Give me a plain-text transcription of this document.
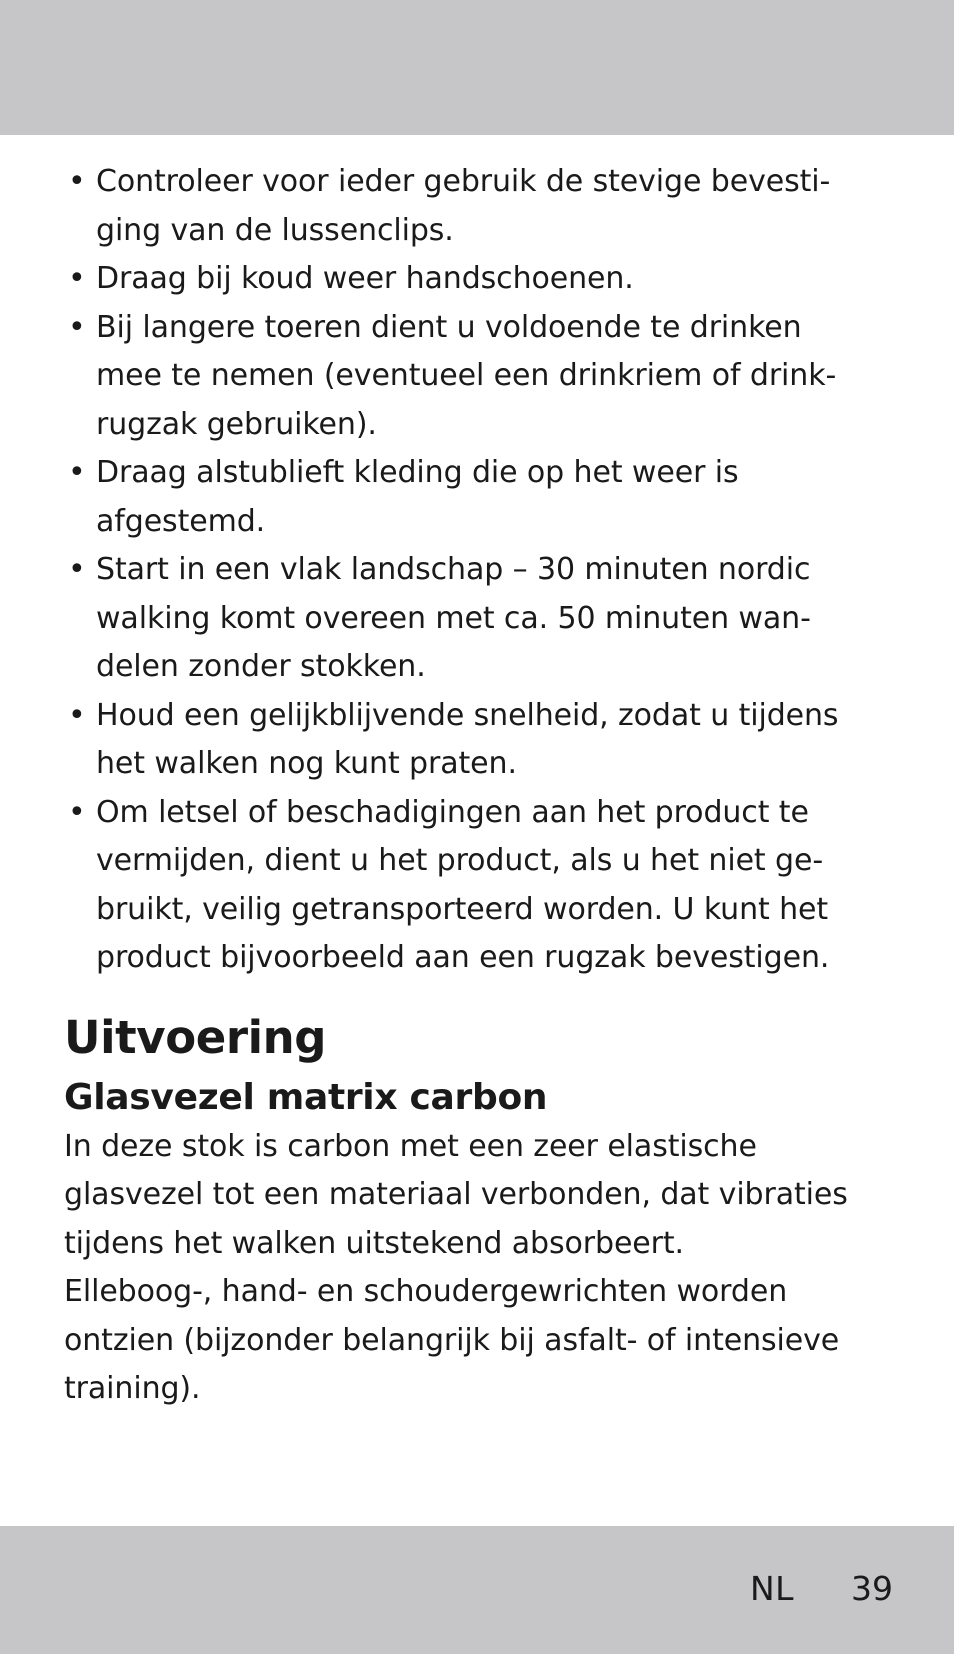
• Controleer voor ieder gebruik de stevige bevesti-
ging van de lussenclips.
• Draag bij koud weer handschoenen.
• Bij langere toeren dient u voldoende te drinken
mee te nemen (eventueel een drinkriem of drink-
rugzak gebruiken).
• Draag alstublieft kleding die op het weer is
afgestemd.
• Start in een vlak landschap – 30 minuten nordic
walking komt overeen met ca. 50 minuten wan-
delen zonder stokken.
• Houd een gelijkblijvende snelheid, zodat u tijdens
het walken nog kunt praten.
• Om letsel of beschadigingen aan het product te
vermijden, dient u het product, als u het niet ge-
bruikt, veilig getransporteerd worden. U kunt het
product bijvoorbeeld aan een rugzak bevestigen.
Uitvoering
Glasvezel matrix carbon

In deze stok is carbon met een zeer elastische
glasvezel tot een materiaal verbonden, dat vibraties
tijdens het walken uitstekend absorbeert.

Elleboog-, hand- en schoudergewrichten worden
ontzien (bijzonder belangrijk bij asfalt- of intensieve
training).

NL 39
